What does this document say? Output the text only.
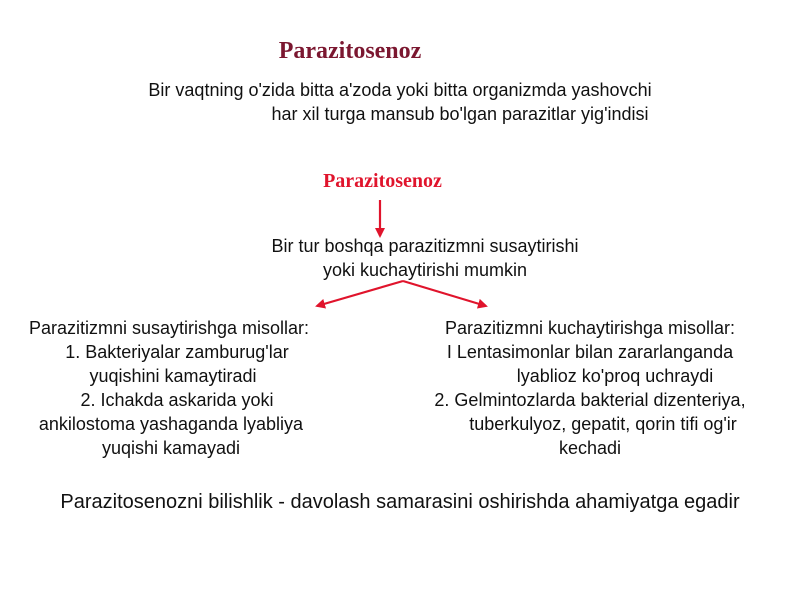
Parazitosenoz
Bir vaqtning o'zida bitta a'zoda yoki bitta organizmda yashovchi
har xil turga mansub bo'lgan parazitlar yig'indisi
Parazitosenoz
Bir tur boshqa parazitizmni susaytirishi
yoki kuchaytirishi mumkin
Parazitizmni susaytirishga misollar:
1. Bakteriyalar zamburug'lar
yuqishini kamaytiradi
2. Ichakda askarida yoki
ankilostoma yashaganda lyabliya
yuqishi kamayadi
Parazitizmni kuchaytirishga misollar:
I Lentasimonlar bilan zararlanganda
lyablioz ko'proq uchraydi
2. Gelmintozlarda bakterial dizenteriya,
tuberkulyoz, gepatit, qorin tifi og'ir
kechadi
Parazitosenozni bilishlik - davolash samarasini oshirishda ahamiyatga egadir
